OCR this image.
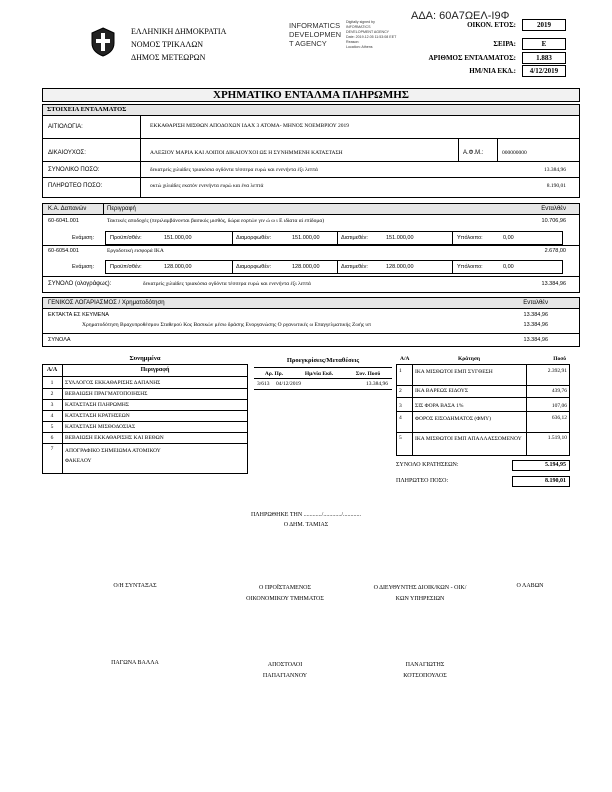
ΕΛΛΗΝΙΚΗ ΔΗΜΟΚΡΑΤΙΑ
ΝΟΜΟΣ ΤΡΙΚΑΛΩΝ
ΔΗΜΟΣ ΜΕΤΕΩΡΩΝ
INFORMATICS
DEVELOPMEN
T AGENCY
Digitally signed by
INFORMATICS
DEVELOPMENT AGENCY
Date: 2019.12.05 11:53:08 EET
Reason:
Location: Athens
ΑΔΑ: 60Α7ΩΕΛ-Ι9Φ
ΟΙΚΟΝ. ΕΤΟΣ:	2019
ΣΕΙΡΑ:	Ε
ΑΡΙΘΜΟΣ ΕΝΤΑΛΜΑΤΟΣ:	1.883
ΗΜ/ΝΙΑ ΕΚΔ.:	4/12/2019
ΧΡΗΜΑΤΙΚΟ ΕΝΤΑΛΜΑ ΠΛΗΡΩΜΗΣ
ΣΤΟΙΧΕΙΑ ΕΝΤΑΛΜΑΤΟΣ
ΑΙΤΙΟΛΟΓΙΑ:	ΕΚΚΑΘΑΡΙΣΗ ΜΙΣΘΩΝ ΑΠΟΔΟΧΩΝ ΙΔΑΧ 3 ΑΤΟΜΑ- ΜΗΝΟΣ ΝΟΕΜΒΡΙΟΥ 2019
ΔΙΚΑΙΟΥΧΟΣ:	ΑΛΕΞΙΟΥ ΜΑΡΙΑ ΚΑΙ ΛΟΙΠΟΙ ΔΙΚΑΙΟΥΧΟΙ ΩΣ Η ΣΥΝΗΜΜΕΝΗ ΚΑΤΑΣΤΑΣΗ	Α.Φ.Μ.:	000000000
ΣΥΝΟΛΙΚΟ ΠΟΣΟ:	δεκατρείς χιλιάδες τριακόσια ογδόντα τέσσερα ευρώ και ενενήντα έξι λεπτά	13.384,96
ΠΛΗΡΩΤΕΟ ΠΟΣΟ:	οκτώ χιλιάδες εκατόν ενενήντα ευρώ και ένα λεπτά	8.190,01
Κ.Α. Δαπανών	Περιγραφή	Ενταλθέν
60-6041.001	Τακτικές αποδοχές (περιλαμβάνονται βασικός μισθός, δώρα εορτών γιν ώ ω ι Ε ιδίατα αί επίδομα)	10.706,96
Ενάμιση:	Προϋπ/σθέν:	151.000,00	Διαμορφωθέν:	151.000,00	Διατιμεθέν:	151.000,00	Υπόλοιπο:	0,00
60-6054.001	Εργοδοτική εισφορά ΙΚΑ	2.678,00
Ενάμιση:	Προϋπ/σθέν:	128.000,00	Διαμορφωθέν:	128.000,00	Διατιμεθέν:	128.000,00	Υπόλοιπο:	0,00
ΣΥΝΟΛΟ (ολογράφως):	δεκατρείς χιλιάδες τριακόσια ογδόντα τέσσερα ευρώ και ενενήντα έξι λεπτά	13.384,96
ΓΕΝΙΚΟΣ ΛΟΓΑΡΙΑΣΜΟΣ / Χρηματοδότηση	Ενταλθέν
ΕΚΤΑΚΤΑ ΕΣ ΚΕΥΜΕΝΑ	13.384,96
Χρηματοδότηση Βραχυπροθέσμου Σταθερού Κος Βασικών μέσω δράσης Ενοργανώσης Ο ργανωτικές ω Επαγγελματικής Ζωής υπ	13.384,96
ΣΥΝΟΛΑ	13.384,96
Συνημμένα
Α/Α	Περιγραφή
1	ΣΥΛΛΟΓΟΣ ΕΚΚΑΘΑΡΙΣΗΣ ΔΑΠΑΝΗΣ
2	ΒΕΒΑΙΩΣΗ ΠΡΑΓΜΑΤΟΠΟΙΗΣΗΣ
3	ΚΑΤΑΣΤΑΣΗ ΠΛΗΡΩΜΗΣ
4	ΚΑΤΑΣΤΑΣΗ ΚΡΑΤΗΣΕΩΝ
5	ΚΑΤΑΣΤΑΣΗ ΜΙΣΘΟΔΟΣΙΑΣ
6	ΒΕΒΑΙΩΣΗ ΕΚΚΑΘΑΡΙΣΗΣ ΚΑΙ ΒΕΘΩΝ
7	ΑΠΟΓΡΑΦΙΚΟ ΣΗΜΕΙΩΜΑ ΑΤΟΜΙΚΟΥ ΦΑΚΕΛΟΥ
Προεγκρίσεις/Μεταθέσεις
Αρ. Πρ.	Ημ/νία Εκδ.	Συν. Ποσό
3/613 04/12/2019	13.384,96
Α/Α	Κράτηση	Ποσό
1 ΙΚΑ ΜΙΣΘΩΤΟΙ ΕΜΠ ΣΥΓΘΕΣΗ	2.392,91
2 ΙΚΑ ΒΑΡΕΩΣ ΕΙΔΟΥΣ	439,76
3 ΣΙΣ ΦΟΡΑ ΒΑΣΑ 1%	107,06
4 ΦΟΡΟΣ ΕΙΣΟΔΗΜΑΤΟΣ (ΦΜΥ)	636,12
5 ΙΚΑ ΜΙΣΘΩΤΟΙ ΕΜΠ ΑΠΑΛΛΑΣΣΟΜΕΝΟΥ	1.519,10
ΣΥΝΟΛΟ ΚΡΑΤΗΣΕΩΝ:	5.194,95
ΠΛΗΡΩΤΕΟ ΠΟΣΟ:	8.190,01
ΠΛΗΡΩΘΗΚΕ ΤΗΝ ............/............/............
Ο ΔΗΜ. ΤΑΜΙΑΣ
Ο/Η ΣΥΝΤΑΞΑΣ	Ο ΠΡΟΪΣΤΑΜΕΝΟΣ ΟΙΚΟΝΟΜΙΚΟΥ ΤΜΗΜΑΤΟΣ
Ο ΔΙΕΥΘΥΝΤΗΣ ΔΙΟΙΚ/ΚΩΝ - ΟΙΚ/ΚΩΝ ΥΠΗΡΕΣΙΩΝ
Ο ΛΑΒΩΝ
ΠΑΓΩΝΑ ΒΑΛΛΑ	ΑΠΟΣΤΟΛΟΙ ΠΑΠΑΓΙΑΝΝΟΥ
ΠΑΝΑΓΙΩΤΗΣ ΚΟΤΣΟΠΟΥΛΟΣ
